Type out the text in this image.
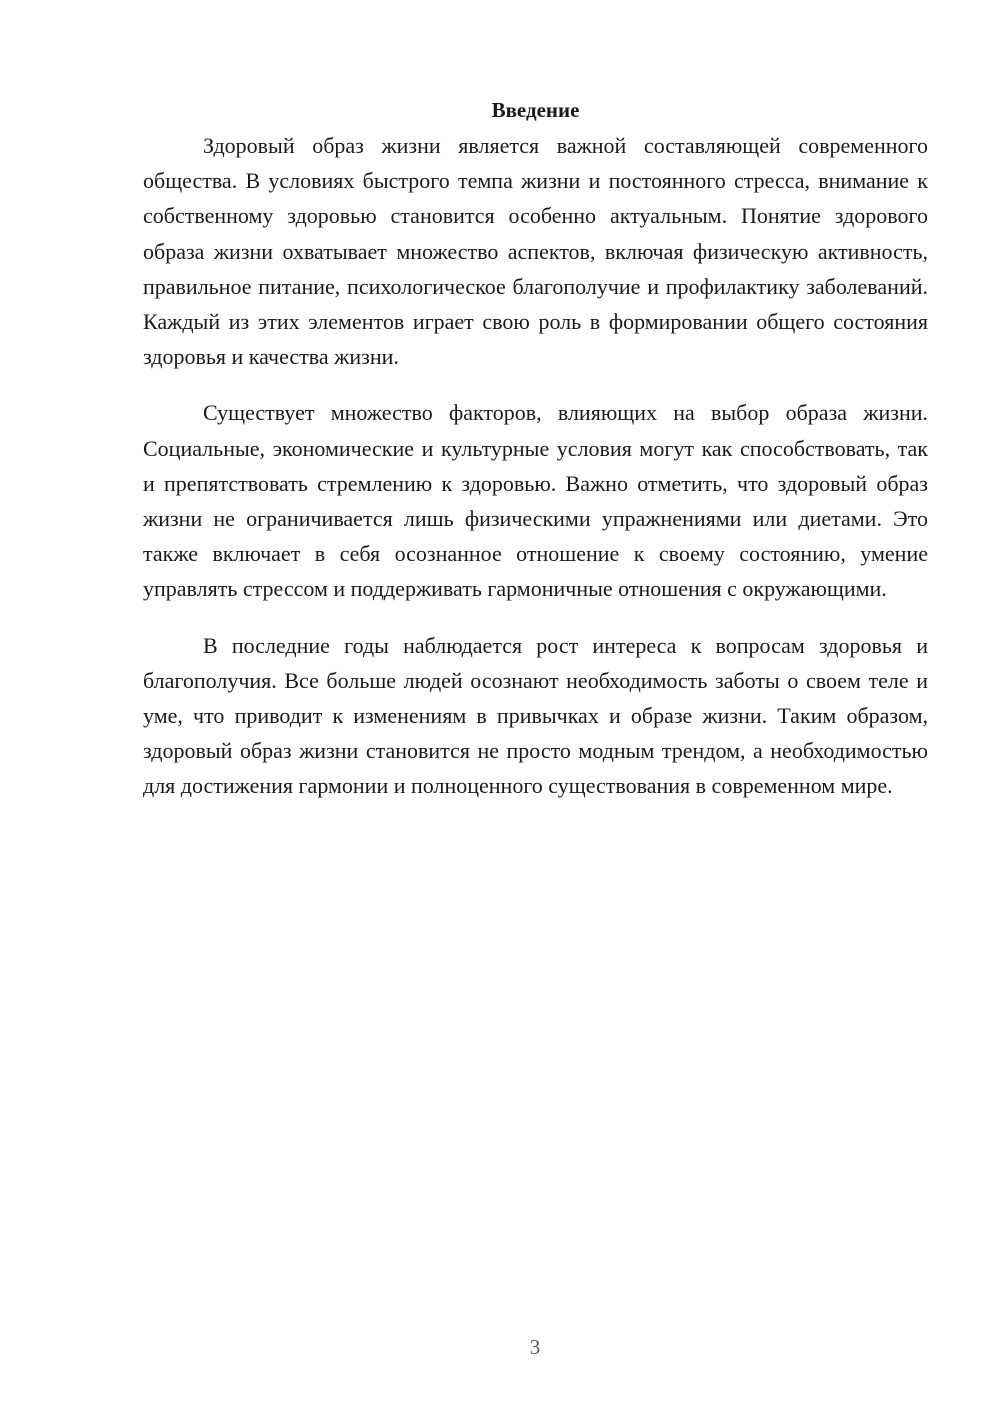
Введение

Здоровый образ жизни является важной составляющей современного общества. В условиях быстрого темпа жизни и постоянного стресса, внимание к собственному здоровью становится особенно актуальным. Понятие здорового образа жизни охватывает множество аспектов, включая физическую активность, правильное питание, психологическое благополучие и профилактику заболеваний. Каждый из этих элементов играет свою роль в формировании общего состояния здоровья и качества жизни.

Существует множество факторов, влияющих на выбор образа жизни. Социальные, экономические и культурные условия могут как способствовать, так и препятствовать стремлению к здоровью. Важно отметить, что здоровый образ жизни не ограничивается лишь физическими упражнениями или диетами. Это также включает в себя осознанное отношение к своему состоянию, умение управлять стрессом и поддерживать гармоничные отношения с окружающими.

В последние годы наблюдается рост интереса к вопросам здоровья и благополучия. Все больше людей осознают необходимость заботы о своем теле и уме, что приводит к изменениям в привычках и образе жизни. Таким образом, здоровый образ жизни становится не просто модным трендом, а необходимостью для достижения гармонии и полноценного существования в современном мире.

3
